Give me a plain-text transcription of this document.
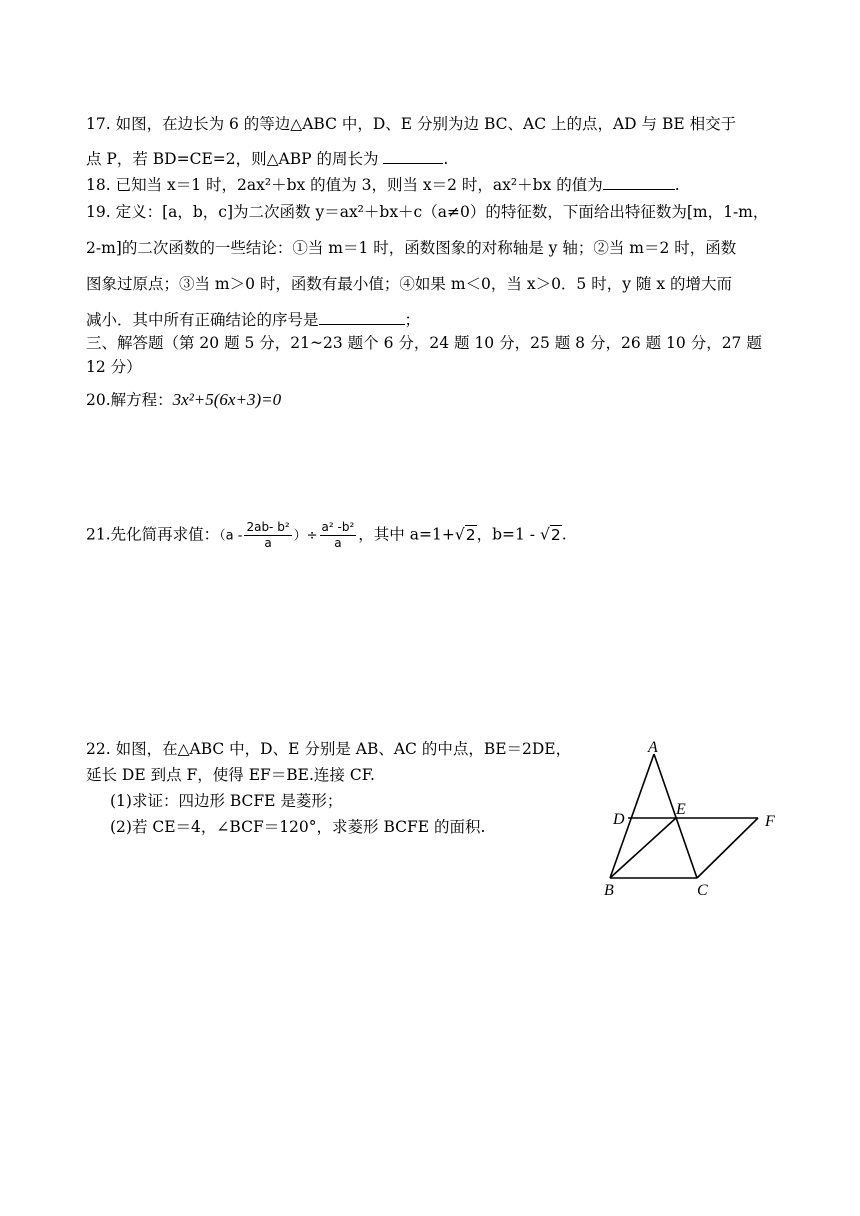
17. 如图，在边长为 6 的等边△ABC 中，D、E 分别为边 BC、AC 上的点，AD 与 BE 相交于
点 P，若 BD=CE=2，则△ABP 的周长为	.
18. 已知当 x＝1 时，2ax²＋bx 的值为 3，则当 x＝2 时，ax²＋bx 的值为	.
19. 定义：[a，b，c]为二次函数 y＝ax²＋bx＋c（a≠0）的特征数，下面给出特征数为[m，1-m，
2-m]的二次函数的一些结论：①当 m＝1 时，函数图象的对称轴是 y 轴；②当 m＝2 时，函数
图象过原点；③当 m＞0 时，函数有最小值；④如果 m＜0，当 x＞0．5 时，y 随 x 的增大而
减小．其中所有正确结论的序号是	；
三、解答题（第 20 题 5 分，21~23 题个 6 分，24 题 10 分，25 题 8 分，26 题 10 分，27 题
12 分）
20.解方程：3x²+5(6x+3)=0
21.先化简再求值：（$a - \frac{\text{2ab- b²}}{a}$ ）÷ $\frac{\text{a² -b²}}{a}$ ，其中 a=1+√2，b=1 - √2.
22. 如图，在△ABC 中，D、E 分别是 AB、AC 的中点，BE＝2DE，
延长 DE 到点 F，使得 EF＝BE.连接 CF.
(1)求证：四边形 BCFE 是菱形；
(2)若 CE＝4，∠BCF＝120°，求菱形 BCFE 的面积.
A
B	C
D
E
F
